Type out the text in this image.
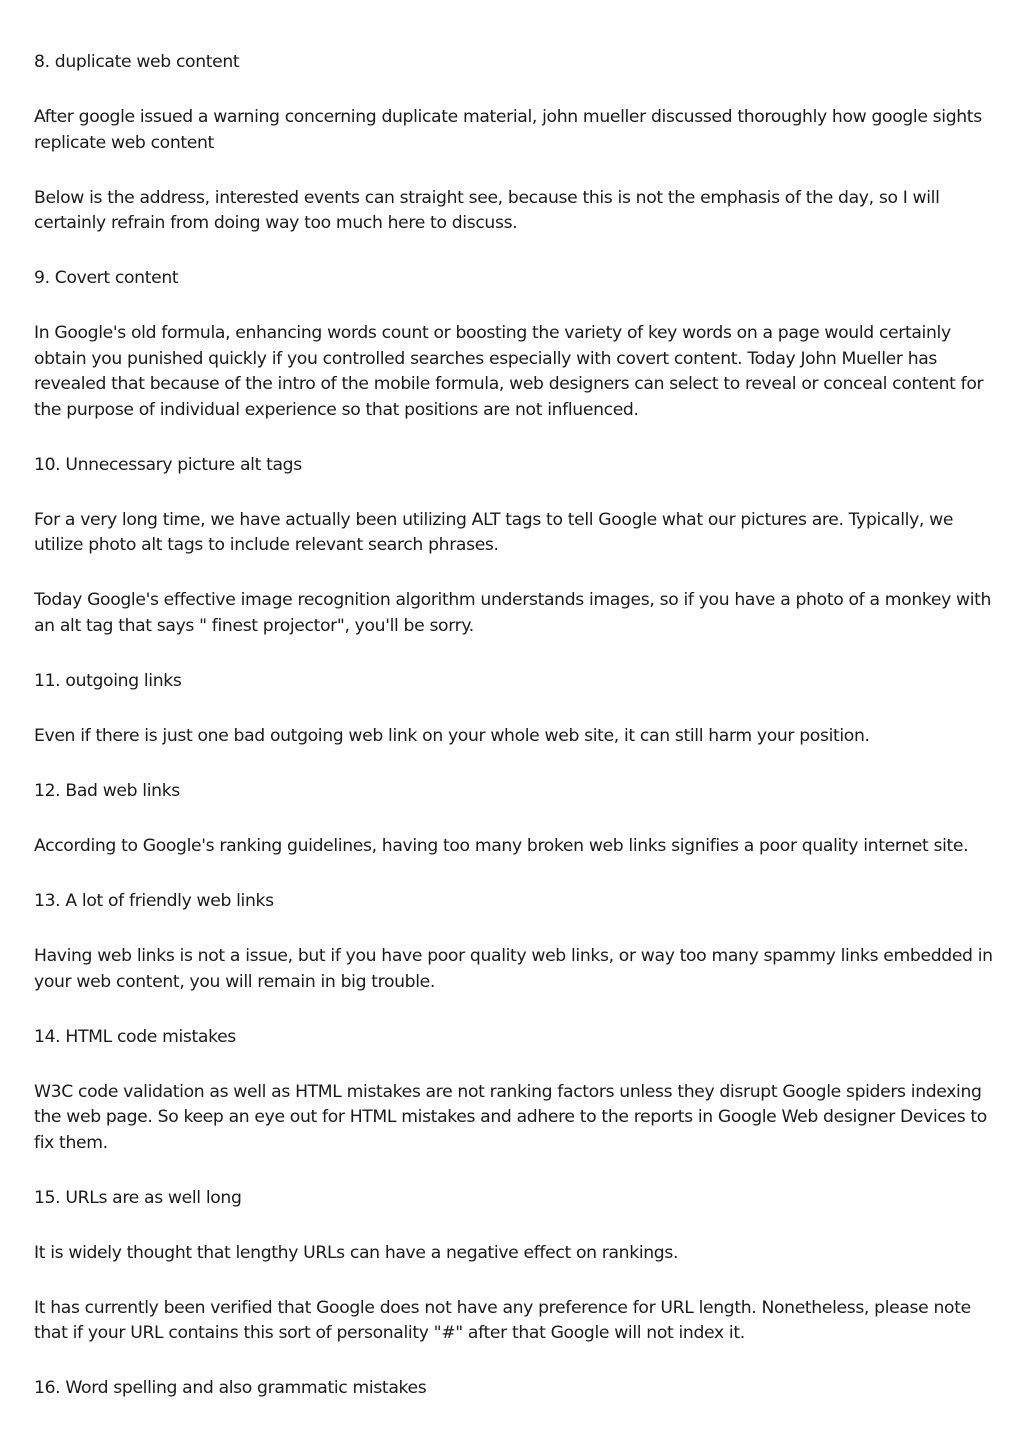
8. duplicate web content

After google issued a warning concerning duplicate material, john mueller discussed thoroughly how google sights replicate web content

Below is the address, interested events can straight see, because this is not the emphasis of the day, so I will certainly refrain from doing way too much here to discuss.

9. Covert content

In Google's old formula, enhancing words count or boosting the variety of key words on a page would certainly obtain you punished quickly if you controlled searches especially with covert content. Today John Mueller has revealed that because of the intro of the mobile formula, web designers can select to reveal or conceal content for the purpose of individual experience so that positions are not influenced.

10. Unnecessary picture alt tags

For a very long time, we have actually been utilizing ALT tags to tell Google what our pictures are. Typically, we utilize photo alt tags to include relevant search phrases.

Today Google's effective image recognition algorithm understands images, so if you have a photo of a monkey with an alt tag that says " finest projector", you'll be sorry.

11. outgoing links

Even if there is just one bad outgoing web link on your whole web site, it can still harm your position.

12. Bad web links

According to Google's ranking guidelines, having too many broken web links signifies a poor quality internet site.

13. A lot of friendly web links

Having web links is not a issue, but if you have poor quality web links, or way too many spammy links embedded in your web content, you will remain in big trouble.

14. HTML code mistakes

W3C code validation as well as HTML mistakes are not ranking factors unless they disrupt Google spiders indexing the web page. So keep an eye out for HTML mistakes and adhere to the reports in Google Web designer Devices to fix them.

15. URLs are as well long

It is widely thought that lengthy URLs can have a negative effect on rankings.

It has currently been verified that Google does not have any preference for URL length. Nonetheless, please note that if your URL contains this sort of personality "#" after that Google will not index it.

16. Word spelling and also grammatic mistakes
